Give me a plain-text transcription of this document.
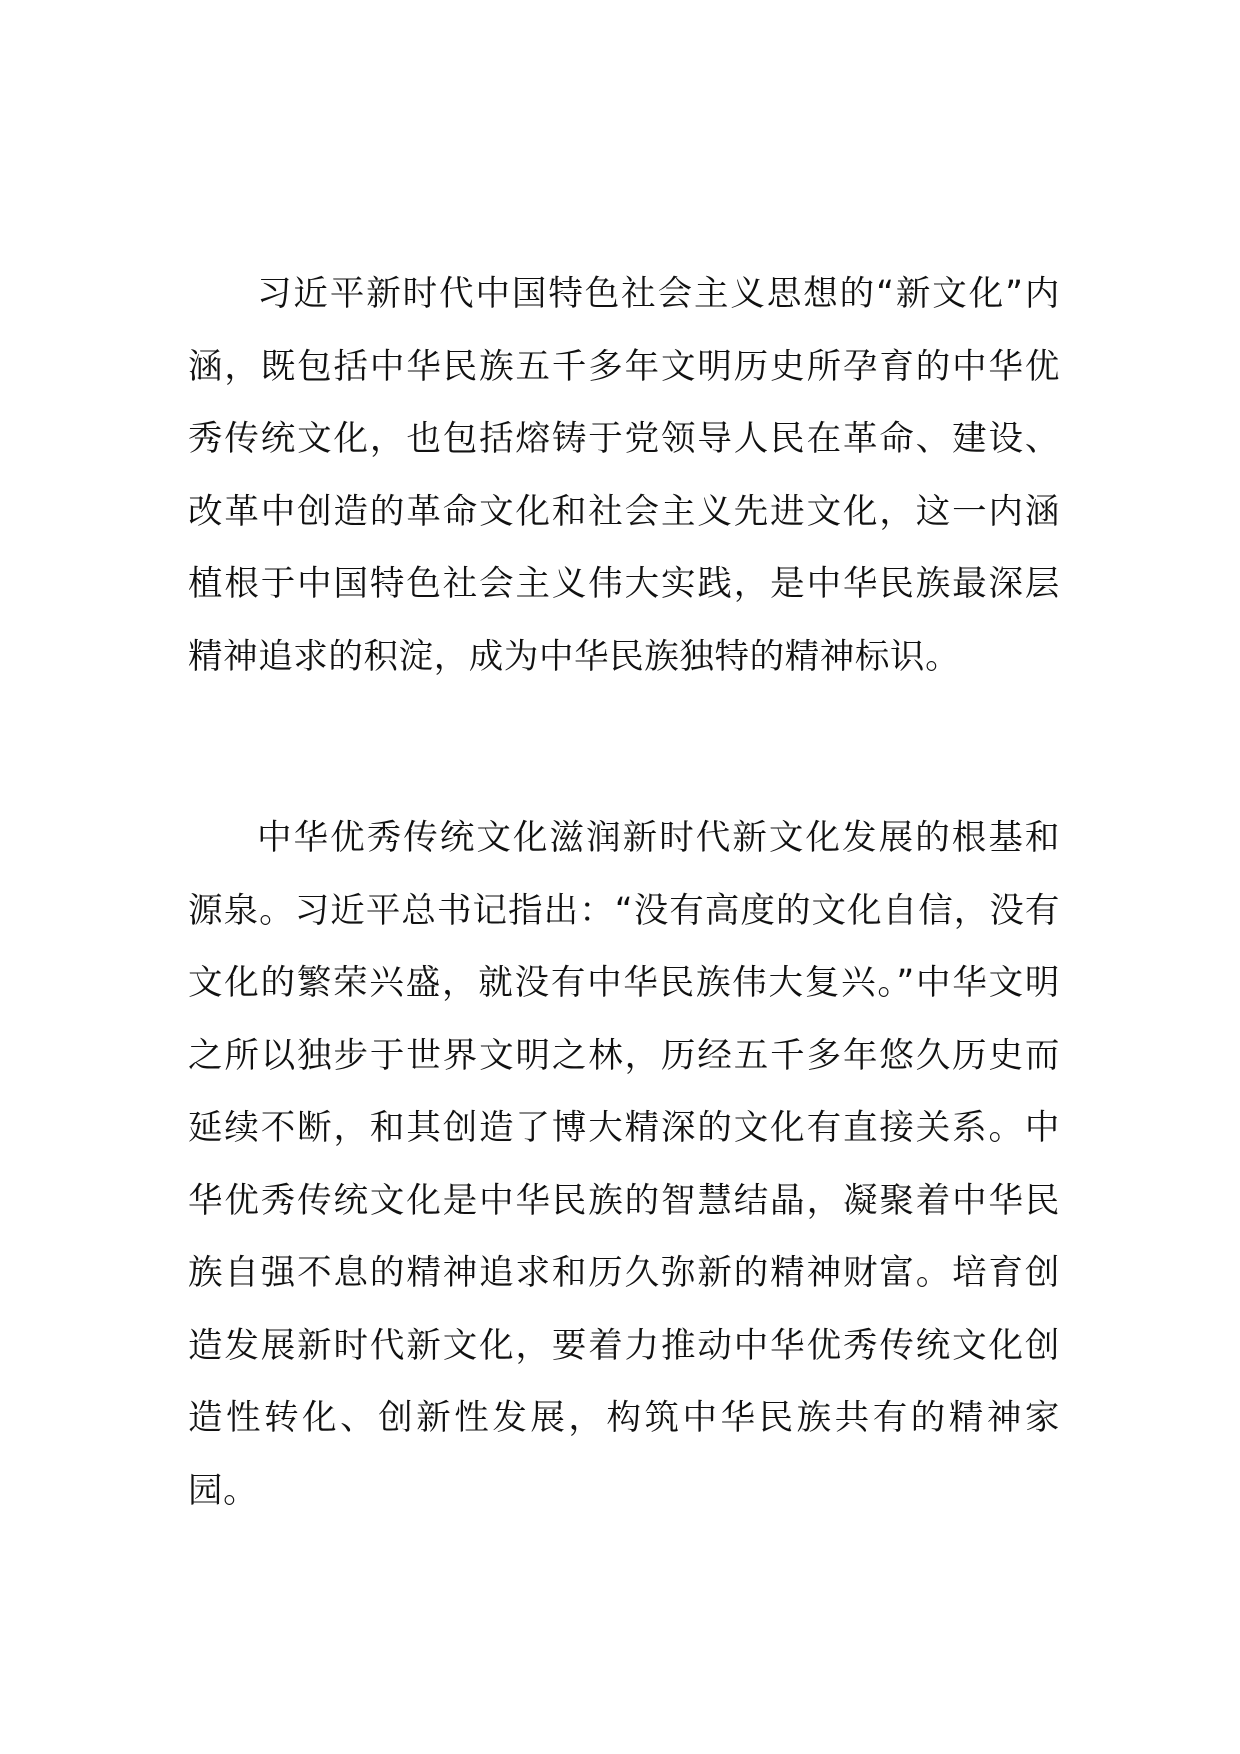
习近平新时代中国特色社会主义思想的“新文化”内涵，既包括中华民族五千多年文明历史所孕育的中华优秀传统文化，也包括熔铸于党领导人民在革命、建设、改革中创造的革命文化和社会主义先进文化，这一内涵植根于中国特色社会主义伟大实践，是中华民族最深层精神追求的积淀，成为中华民族独特的精神标识。

中华优秀传统文化滋润新时代新文化发展的根基和源泉。习近平总书记指出：“没有高度的文化自信，没有文化的繁荣兴盛，就没有中华民族伟大复兴。”中华文明之所以独步于世界文明之林，历经五千多年悠久历史而延续不断，和其创造了博大精深的文化有直接关系。中华优秀传统文化是中华民族的智慧结晶，凝聚着中华民族自强不息的精神追求和历久弥新的精神财富。培育创造发展新时代新文化，要着力推动中华优秀传统文化创造性转化、创新性发展，构筑中华民族共有的精神家园。
